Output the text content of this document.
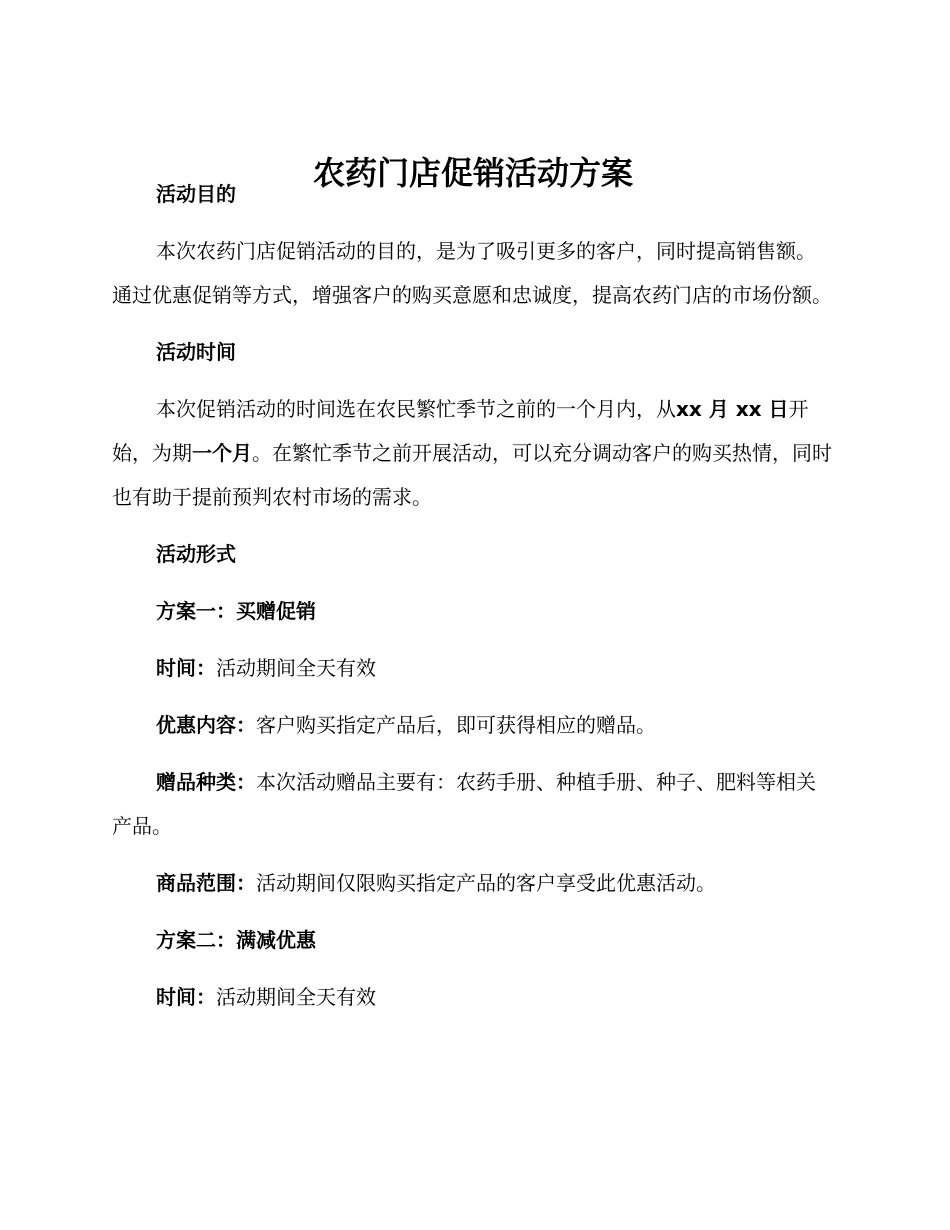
农药门店促销活动方案

活动目的

本次农药门店促销活动的目的，是为了吸引更多的客户，同时提高销售额。通过优惠促销等方式，增强客户的购买意愿和忠诚度，提高农药门店的市场份额。

活动时间

本次促销活动的时间选在农民繁忙季节之前的一个月内，从xx 月 xx 日开始，为期一个月。在繁忙季节之前开展活动，可以充分调动客户的购买热情，同时也有助于提前预判农村市场的需求。

活动形式

方案一：买赠促销

时间：活动期间全天有效

优惠内容：客户购买指定产品后，即可获得相应的赠品。

赠品种类：本次活动赠品主要有：农药手册、种植手册、种子、肥料等相关产品。

商品范围：活动期间仅限购买指定产品的客户享受此优惠活动。

方案二：满减优惠

时间：活动期间全天有效
